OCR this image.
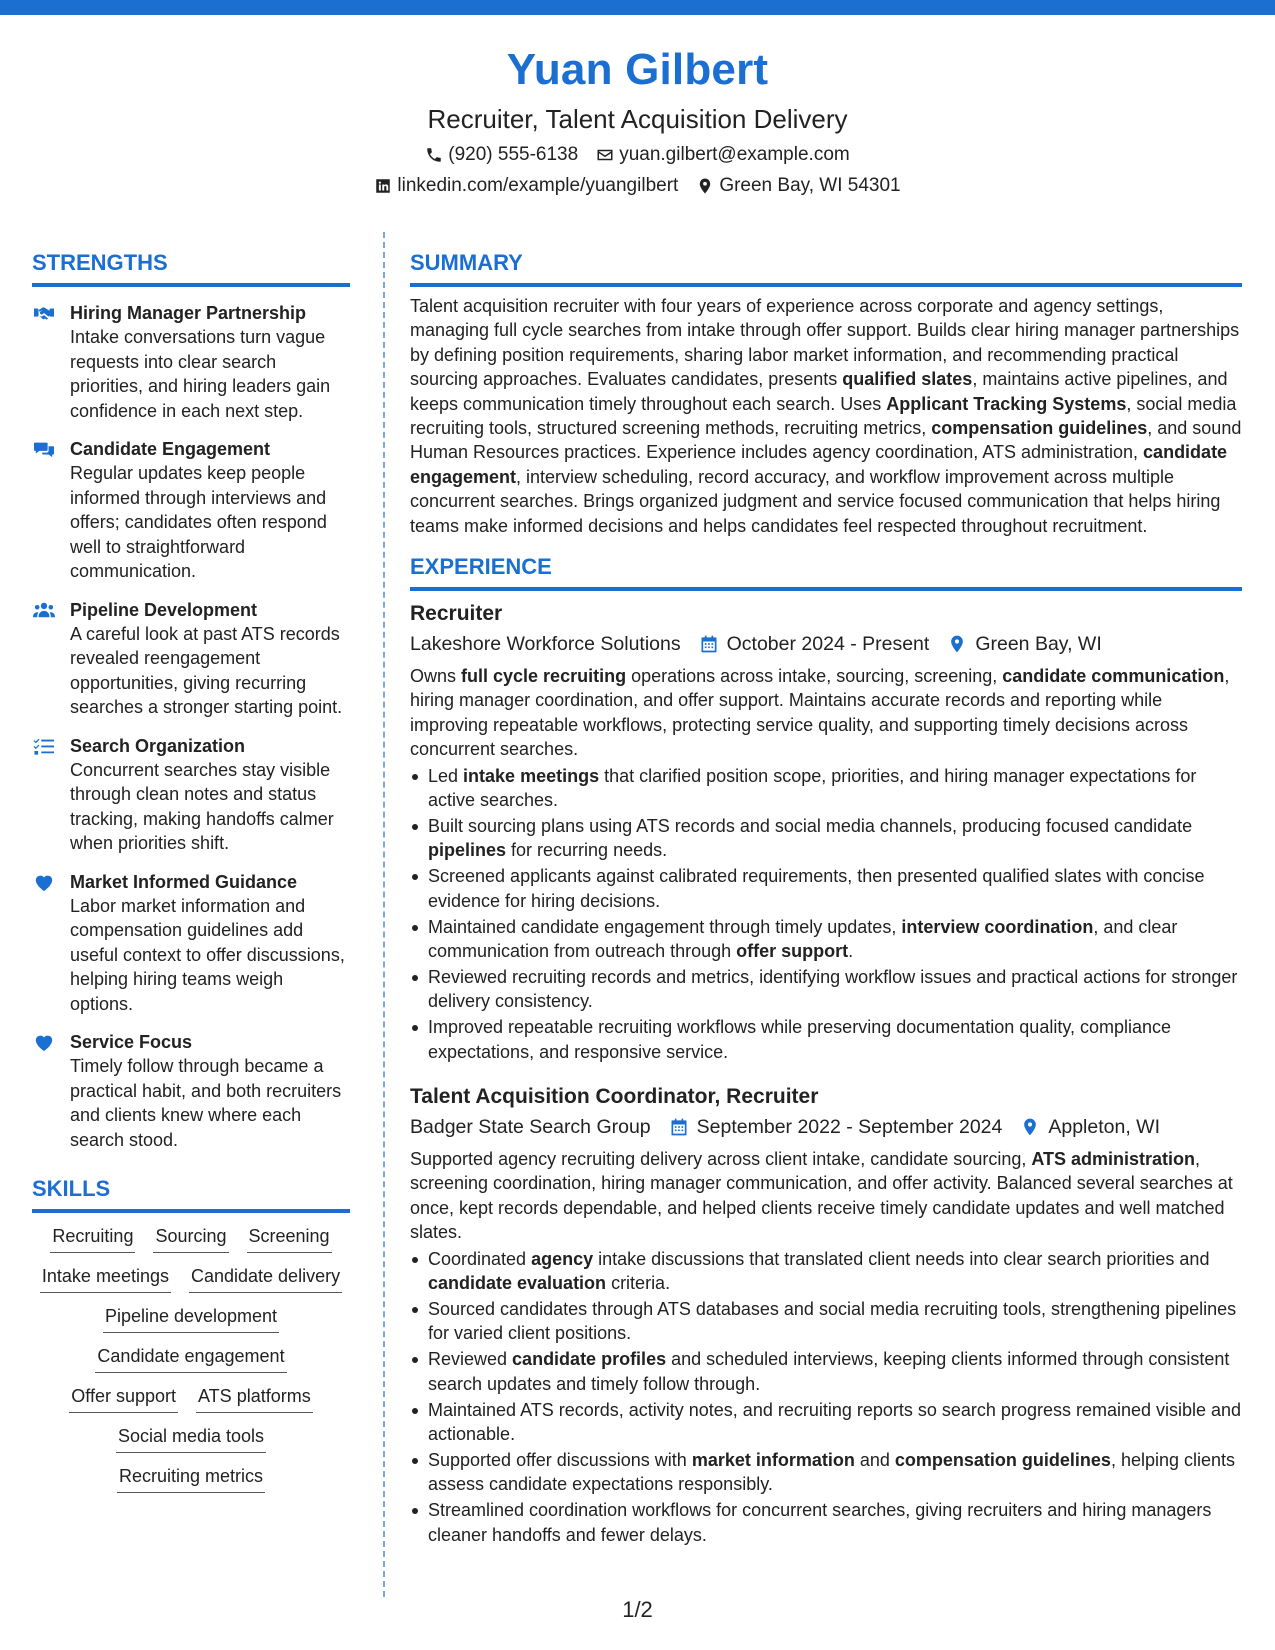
Yuan Gilbert
Recruiter, Talent Acquisition Delivery
(920) 555-6138 yuan.gilbert@example.com
linkedin.com/example/yuangilbert Green Bay, WI 54301
STRENGTHS
Hiring Manager Partnership
Intake conversations turn vague requests into clear search priorities, and hiring leaders gain confidence in each next step.
Candidate Engagement
Regular updates keep people informed through interviews and offers; candidates often respond well to straightforward communication.
Pipeline Development
A careful look at past ATS records revealed reengagement opportunities, giving recurring searches a stronger starting point.
Search Organization
Concurrent searches stay visible through clean notes and status tracking, making handoffs calmer when priorities shift.
Market Informed Guidance
Labor market information and compensation guidelines add useful context to offer discussions, helping hiring teams weigh options.
Service Focus
Timely follow through became a practical habit, and both recruiters and clients knew where each search stood.
SKILLS
Recruiting Sourcing Screening
Intake meetings Candidate delivery
Pipeline development
Candidate engagement
Offer support ATS platforms
Social media tools
Recruiting metrics
SUMMARY
Talent acquisition recruiter with four years of experience across corporate and agency settings, managing full cycle searches from intake through offer support. Builds clear hiring manager partnerships by defining position requirements, sharing labor market information, and recommending practical sourcing approaches. Evaluates candidates, presents qualified slates, maintains active pipelines, and keeps communication timely throughout each search. Uses Applicant Tracking Systems, social media recruiting tools, structured screening methods, recruiting metrics, compensation guidelines, and sound Human Resources practices. Experience includes agency coordination, ATS administration, candidate engagement, interview scheduling, record accuracy, and workflow improvement across multiple concurrent searches. Brings organized judgment and service focused communication that helps hiring teams make informed decisions and helps candidates feel respected throughout recruitment.
EXPERIENCE
Recruiter
Lakeshore Workforce Solutions October 2024 - Present Green Bay, WI
Owns full cycle recruiting operations across intake, sourcing, screening, candidate communication, hiring manager coordination, and offer support. Maintains accurate records and reporting while improving repeatable workflows, protecting service quality, and supporting timely decisions across concurrent searches.
Led intake meetings that clarified position scope, priorities, and hiring manager expectations for active searches.
Built sourcing plans using ATS records and social media channels, producing focused candidate pipelines for recurring needs.
Screened applicants against calibrated requirements, then presented qualified slates with concise evidence for hiring decisions.
Maintained candidate engagement through timely updates, interview coordination, and clear communication from outreach through offer support.
Reviewed recruiting records and metrics, identifying workflow issues and practical actions for stronger delivery consistency.
Improved repeatable recruiting workflows while preserving documentation quality, compliance expectations, and responsive service.
Talent Acquisition Coordinator, Recruiter
Badger State Search Group September 2022 - September 2024 Appleton, WI
Supported agency recruiting delivery across client intake, candidate sourcing, ATS administration, screening coordination, hiring manager communication, and offer activity. Balanced several searches at once, kept records dependable, and helped clients receive timely candidate updates and well matched slates.
Coordinated agency intake discussions that translated client needs into clear search priorities and candidate evaluation criteria.
Sourced candidates through ATS databases and social media recruiting tools, strengthening pipelines for varied client positions.
Reviewed candidate profiles and scheduled interviews, keeping clients informed through consistent search updates and timely follow through.
Maintained ATS records, activity notes, and recruiting reports so search progress remained visible and actionable.
Supported offer discussions with market information and compensation guidelines, helping clients assess candidate expectations responsibly.
Streamlined coordination workflows for concurrent searches, giving recruiters and hiring managers cleaner handoffs and fewer delays.
1/2
